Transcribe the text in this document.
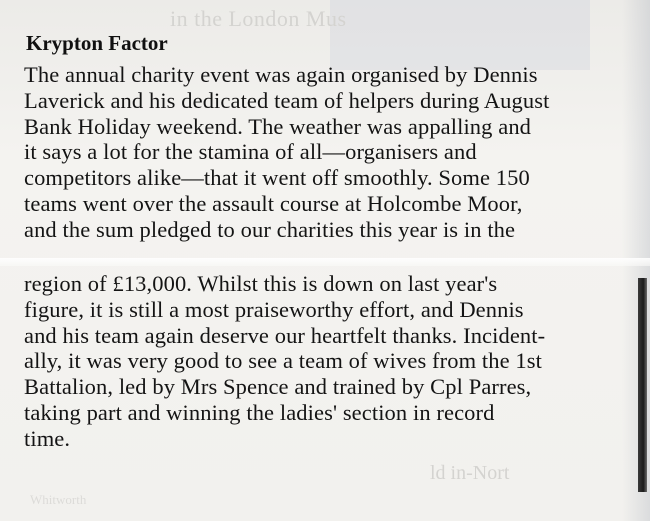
in the London Mus
ld in-Nort
Whitworth
Krypton Factor
The annual charity event was again organised by Dennis
Laverick and his dedicated team of helpers during August
Bank Holiday weekend. The weather was appalling and
it says a lot for the stamina of all—organisers and
competitors alike—that it went off smoothly. Some 150
teams went over the assault course at Holcombe Moor,
and the sum pledged to our charities this year is in the
region of £13,000. Whilst this is down on last year's
figure, it is still a most praiseworthy effort, and Dennis
and his team again deserve our heartfelt thanks. Incident-
ally, it was very good to see a team of wives from the 1st
Battalion, led by Mrs Spence and trained by Cpl Parres,
taking part and winning the ladies' section in record
time.
